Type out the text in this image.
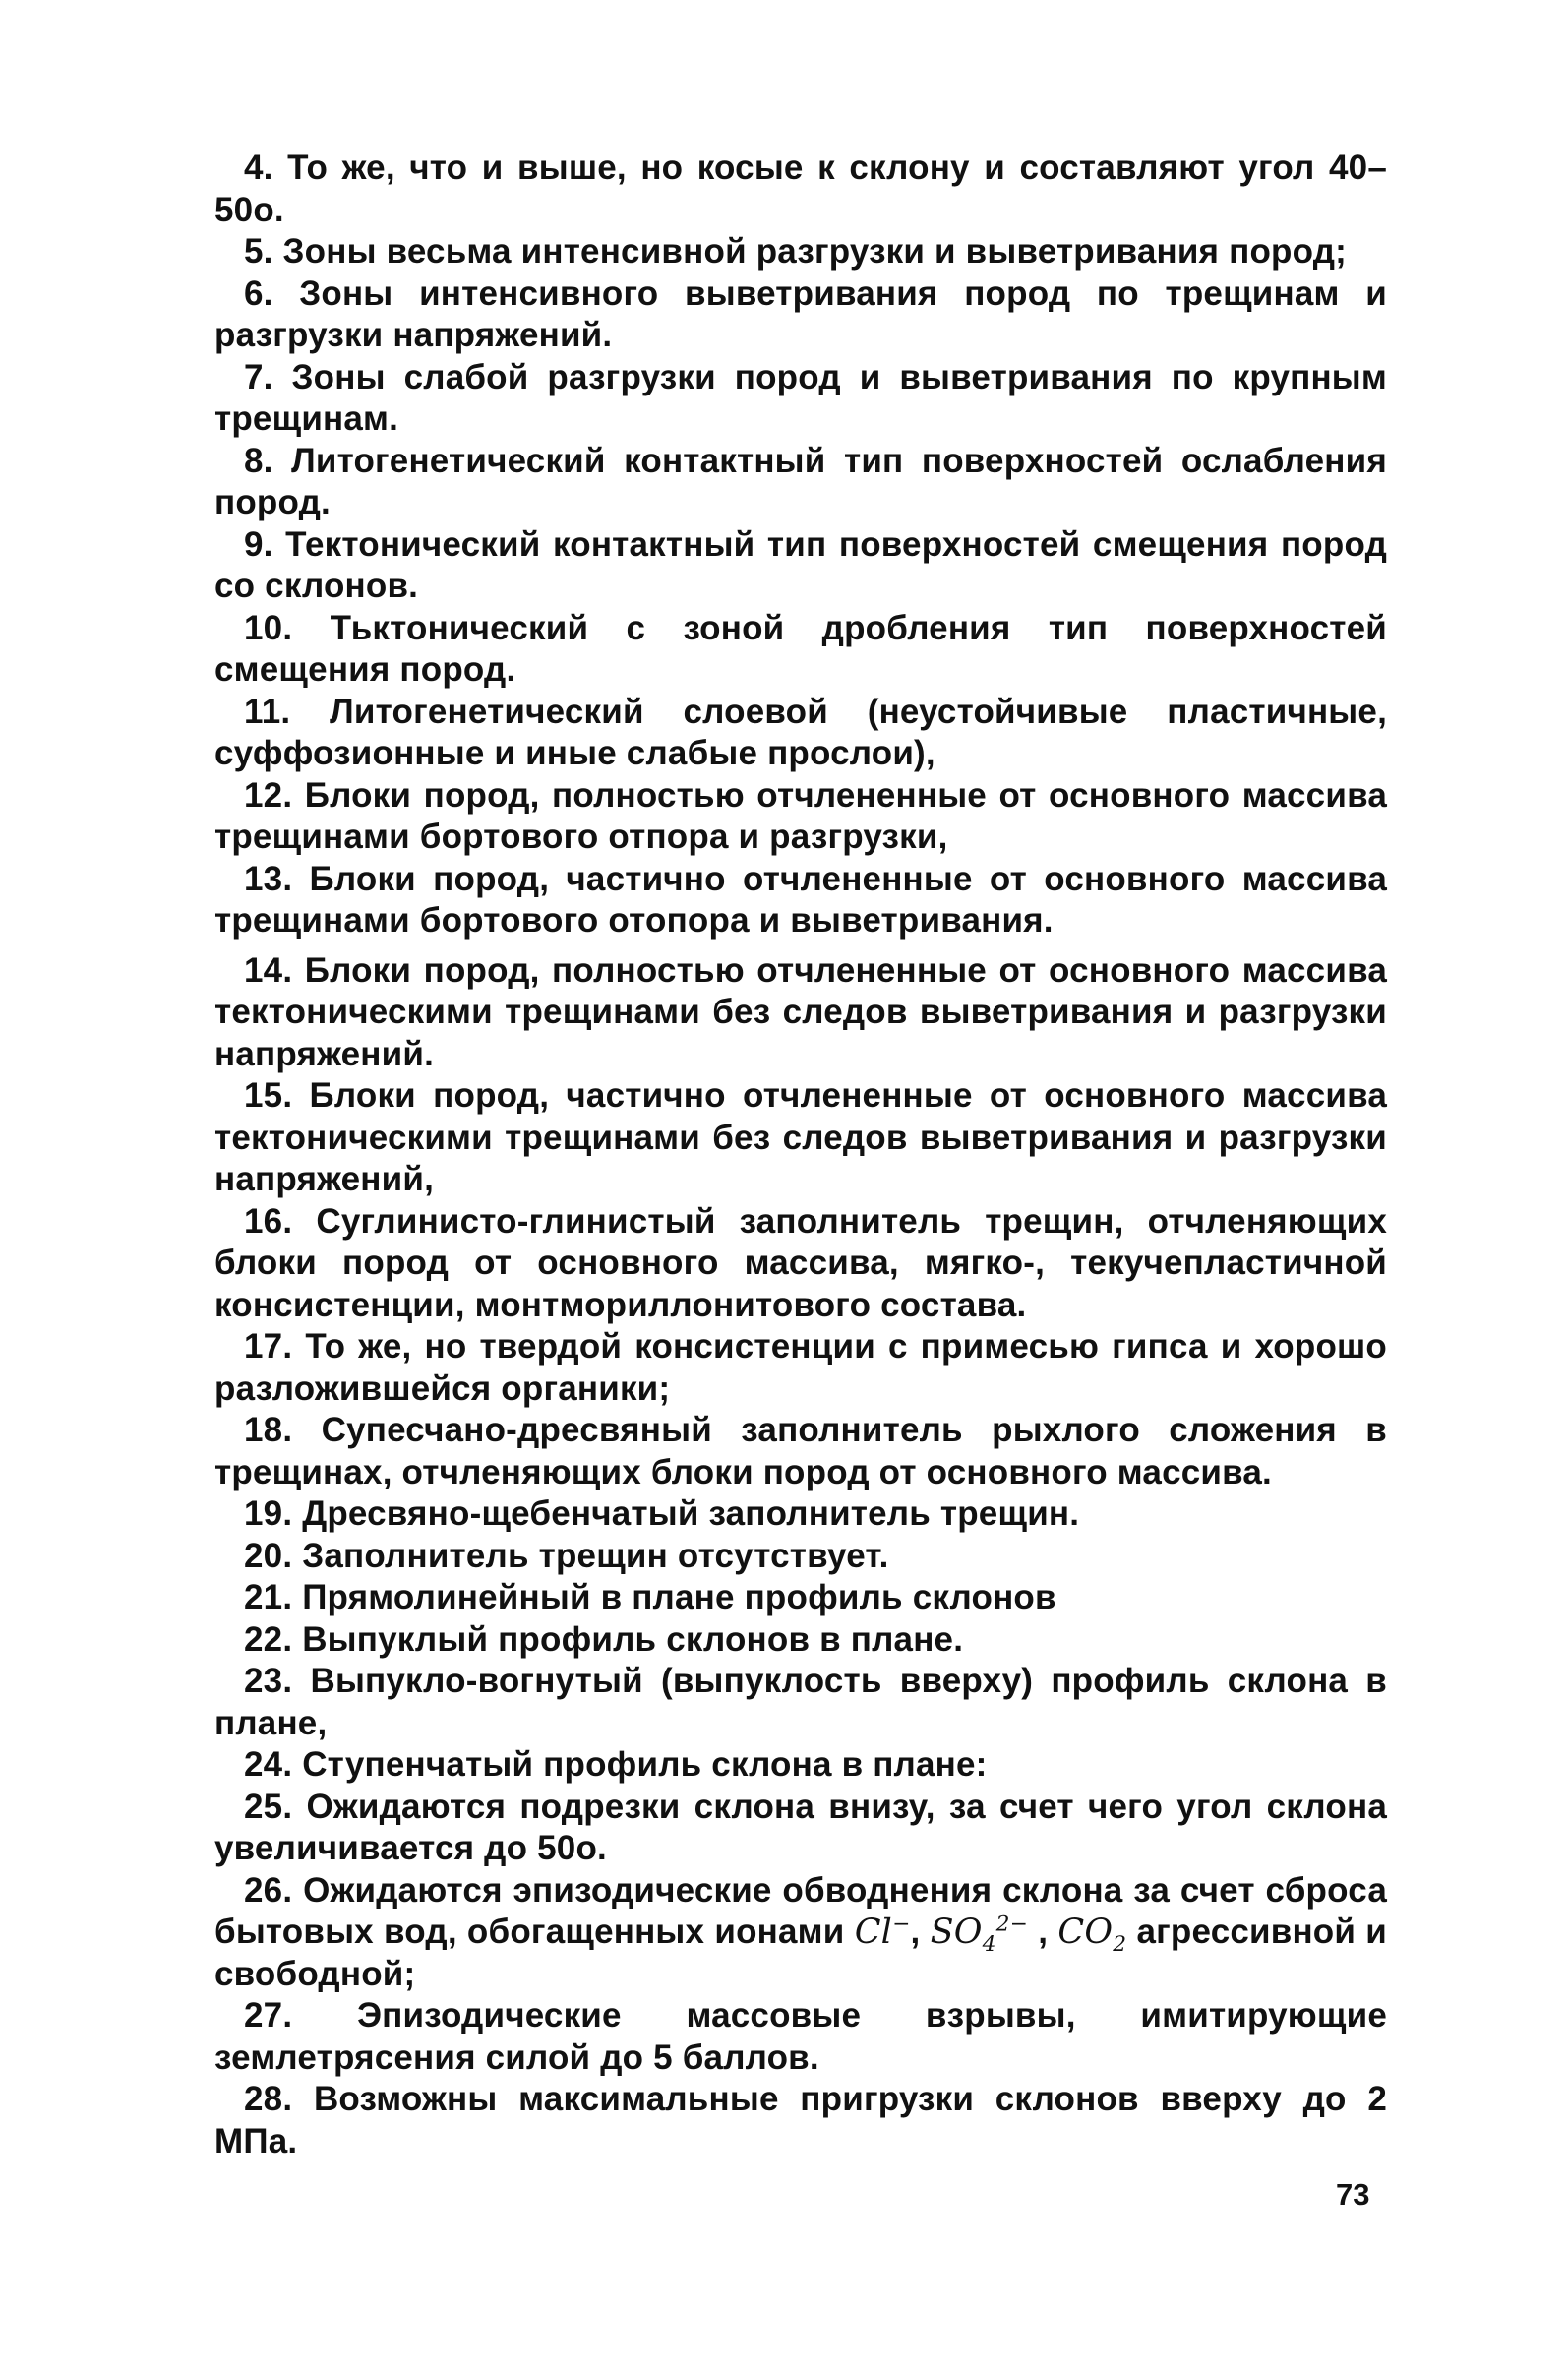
4. То же, что и выше, но косые к склону и составляют угол 40–50о.

5. Зоны весьма интенсивной разгрузки и выветривания пород;

6. Зоны интенсивного выветривания пород по трещинам и разгрузки напряжений.

7. Зоны слабой разгрузки пород и выветривания по крупным трещинам.

8. Литогенетический контактный тип поверхностей ослабления пород.

9. Тектонический контактный тип поверхностей смещения пород со склонов.

10. Тьктонический с зоной дробления тип поверхностей смещения пород.

11. Литогенетический слоевой (неустойчивые пластичные, суффозионные и иные слабые прослои),

12. Блоки пород, полностью отчлененные от основного массива трещинами бортового отпора и разгрузки,

13. Блоки пород, частично отчлененные от основного массива трещинами бортового отопора и выветривания.

14. Блоки пород, полностью отчлененные от основного массива тектоническими трещинами без следов выветривания и разгрузки напряжений.

15. Блоки пород, частично отчлененные от основного массива тектоническими трещинами без следов выветривания и разгрузки напряжений,

16. Суглинисто-глинистый заполнитель трещин, отчленяющих блоки пород от основного массива, мягко-, текучепластичной консистенции, монтмориллонитового состава.

17. То же, но твердой консистенции с примесью гипса и хорошо разложившейся органики;

18. Супесчано-дресвяный заполнитель рыхлого сложения в трещинах, отчленяющих блоки пород от основного массива.

19. Дресвяно-щебенчатый заполнитель трещин.

20. Заполнитель трещин отсутствует.

21. Прямолинейный в плане профиль склонов

22. Выпуклый профиль склонов в плане.

23. Выпукло-вогнутый (выпуклость вверху) профиль склона в плане,

24. Ступенчатый профиль склона в плане:

25. Ожидаются подрезки склона внизу, за счет чего угол склона увеличивается до 50о.

26. Ожидаются эпизодические обводнения склона за счет сброса бытовых вод, обогащенных ионами Cl−, $SO_4^{2-}$ , $CO_2$ агрессивной и свободной;

27. Эпизодические массовые взрывы, имитирующие землетрясения силой до 5 баллов.

28. Возможны максимальные пригрузки склонов вверху до 2 МПа.

73
